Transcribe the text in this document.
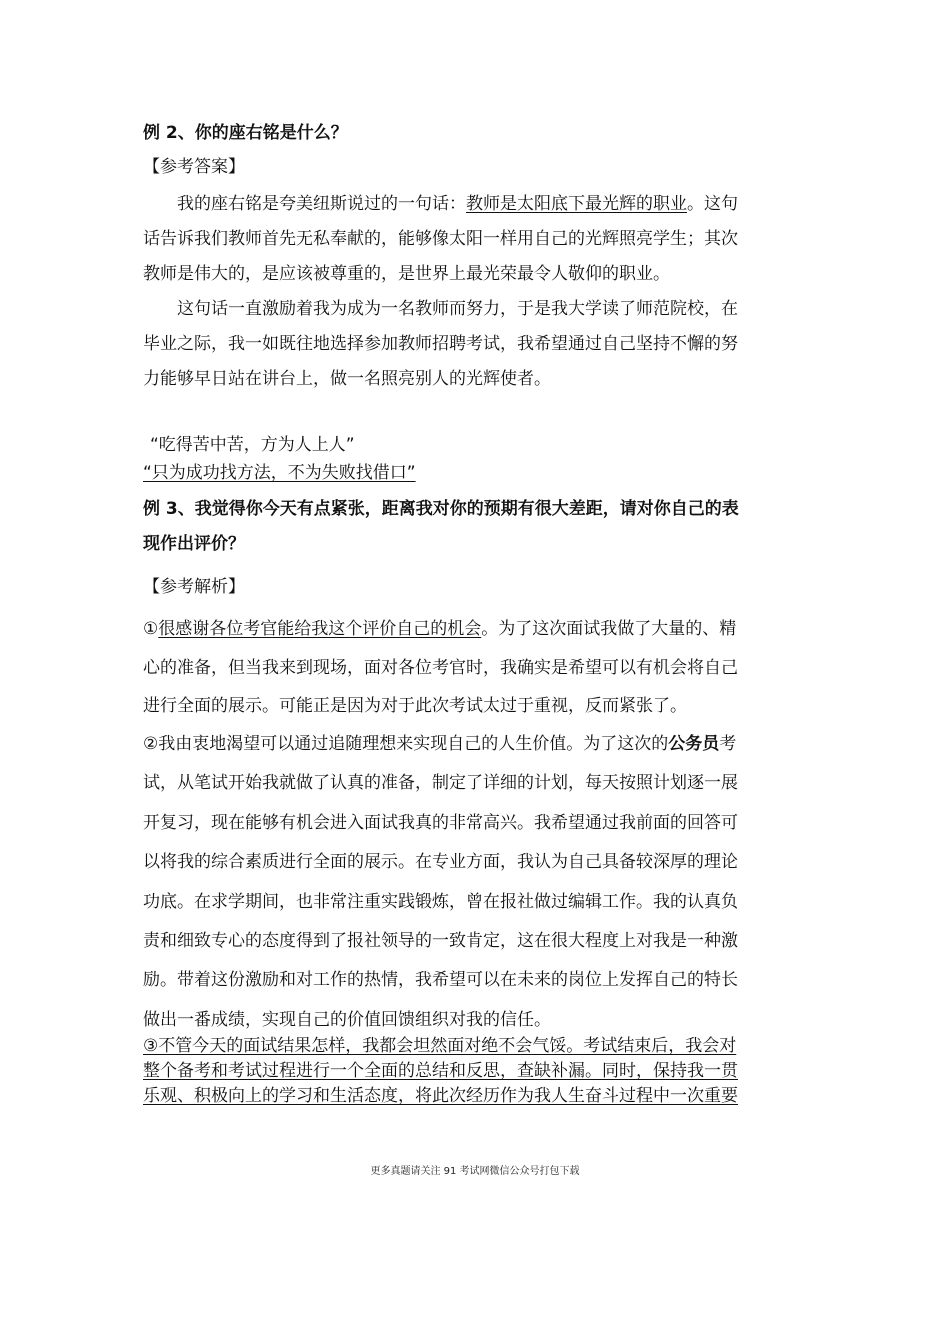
例 2、你的座右铭是什么？
【参考答案】
我的座右铭是夸美纽斯说过的一句话：教师是太阳底下最光辉的职业。这句
话告诉我们教师首先无私奉献的，能够像太阳一样用自己的光辉照亮学生；其次
教师是伟大的，是应该被尊重的，是世界上最光荣最令人敬仰的职业。
这句话一直激励着我为成为一名教师而努力，于是我大学读了师范院校，在
毕业之际，我一如既往地选择参加教师招聘考试，我希望通过自己坚持不懈的努
力能够早日站在讲台上，做一名照亮别人的光辉使者。
“吃得苦中苦，方为人上人”
“只为成功找方法，不为失败找借口”
例 3、我觉得你今天有点紧张，距离我对你的预期有很大差距，请对你自己的表
现作出评价？
【参考解析】
①很感谢各位考官能给我这个评价自己的机会。为了这次面试我做了大量的、精
心的准备，但当我来到现场，面对各位考官时，我确实是希望可以有机会将自己
进行全面的展示。可能正是因为对于此次考试太过于重视，反而紧张了。
②我由衷地渴望可以通过追随理想来实现自己的人生价值。为了这次的公务员考
试，从笔试开始我就做了认真的准备，制定了详细的计划，每天按照计划逐一展
开复习，现在能够有机会进入面试我真的非常高兴。我希望通过我前面的回答可
以将我的综合素质进行全面的展示。在专业方面，我认为自己具备较深厚的理论
功底。在求学期间，也非常注重实践锻炼，曾在报社做过编辑工作。我的认真负
责和细致专心的态度得到了报社领导的一致肯定，这在很大程度上对我是一种激
励。带着这份激励和对工作的热情，我希望可以在未来的岗位上发挥自己的特长
做出一番成绩，实现自己的价值回馈组织对我的信任。
③不管今天的面试结果怎样，我都会坦然面对绝不会气馁。考试结束后，我会对
整个备考和考试过程进行一个全面的总结和反思，查缺补漏。同时，保持我一贯
乐观、积极向上的学习和生活态度，将此次经历作为我人生奋斗过程中一次重要
更多真题请关注 91 考试网微信公众号打包下载
